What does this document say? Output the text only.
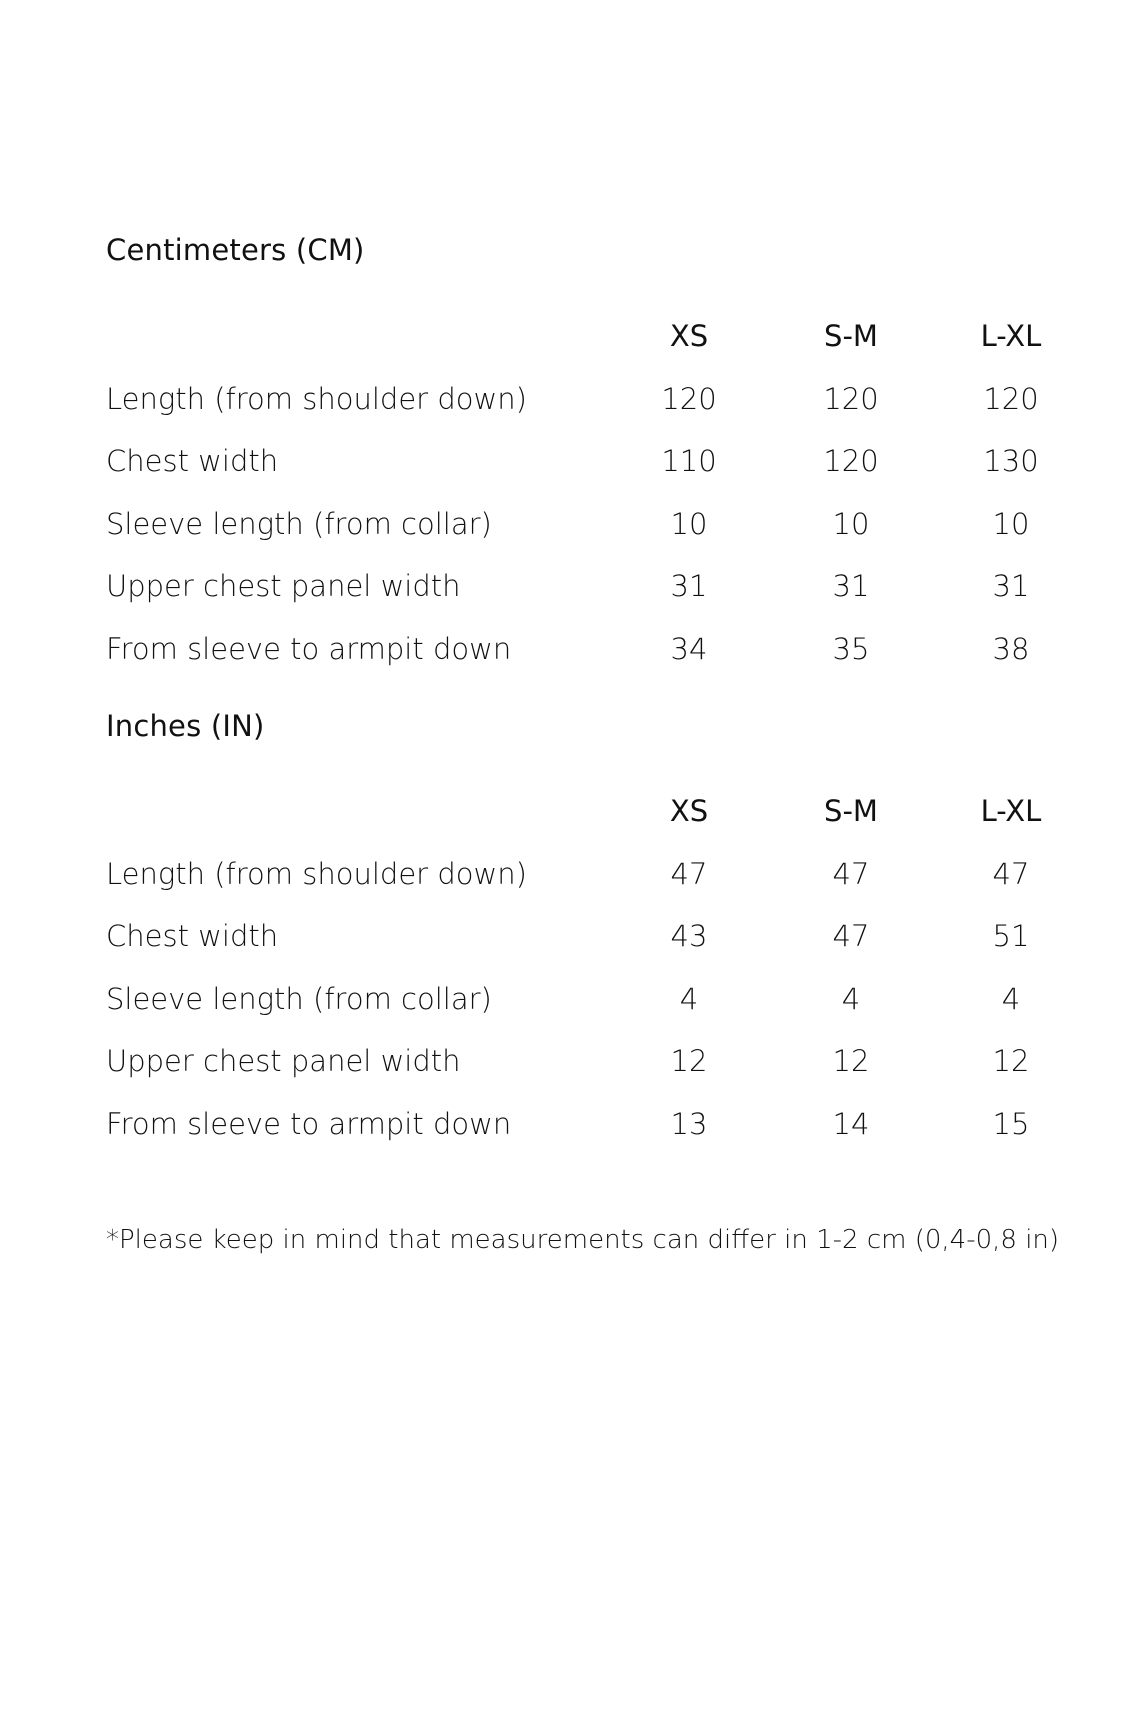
Centimeters (CM)
XS	S-M	L-XL
Length (from shoulder down)	120	120	120
Chest width	110	120	130
Sleeve length (from collar)	10	10	10
Upper chest panel width	31	31	31
From sleeve to armpit down	34	35	38
Inches (IN)
XS	S-M	L-XL
Length (from shoulder down)	47	47	47
Chest width	43	47	51
Sleeve length (from collar)	4	4	4
Upper chest panel width	12	12	12
From sleeve to armpit down	13	14	15
*Please keep in mind that measurements can differ in 1-2 cm (0,4-0,8 in)
